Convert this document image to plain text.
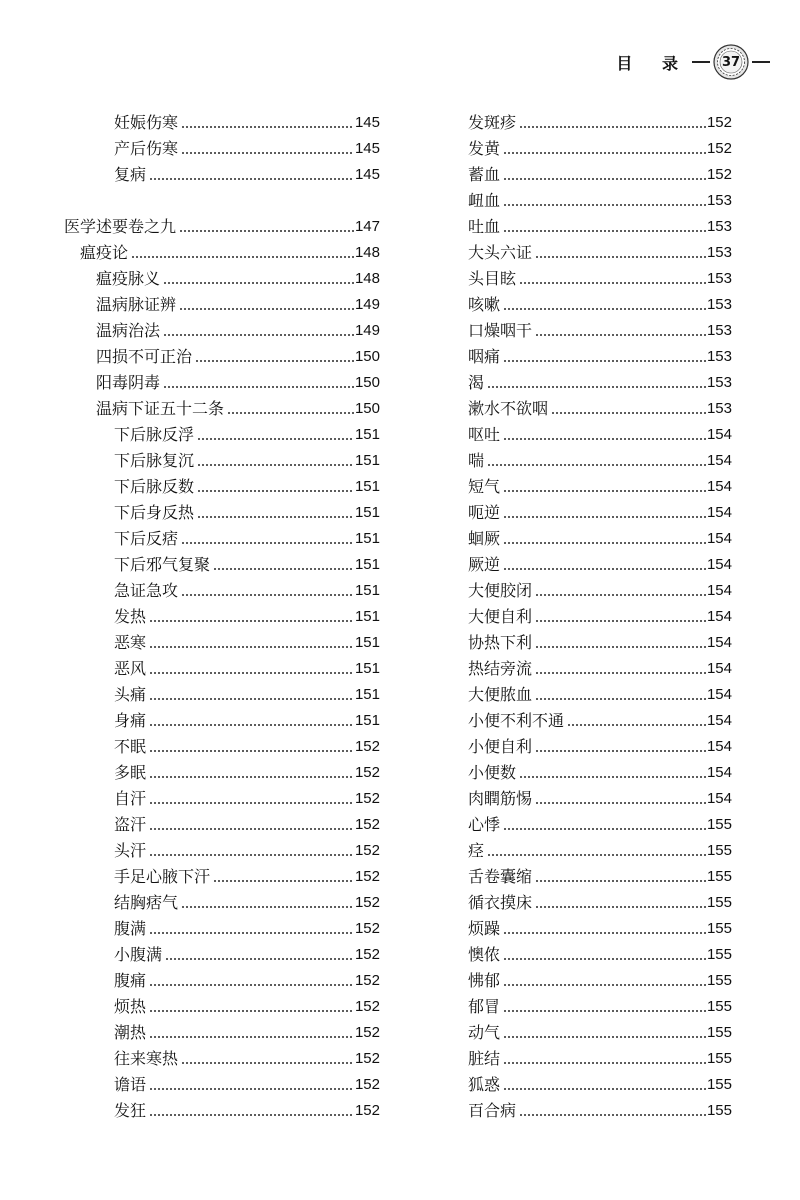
目 录 37
妊娠伤寒	145
产后伤寒	145
复病	145
医学述要卷之九	147
瘟疫论	148
瘟疫脉义	148
温病脉证辨	149
温病治法	149
四损不可正治	150
阳毒阴毒	150
温病下证五十二条	150
下后脉反浮	151
下后脉复沉	151
下后脉反数	151
下后身反热	151
下后反痞	151
下后邪气复聚	151
急证急攻	151
发热	151
恶寒	151
恶风	151
头痛	151
身痛	151
不眠	152
多眠	152
自汗	152
盗汗	152
头汗	152
手足心腋下汗	152
结胸痞气	152
腹满	152
小腹满	152
腹痛	152
烦热	152
潮热	152
往来寒热	152
谵语	152
发狂	152
发斑疹	152
发黄	152
蓄血	152
衄血	153
吐血	153
大头六证	153
头目眩	153
咳嗽	153
口燥咽干	153
咽痛	153
渴	153
漱水不欲咽	153
呕吐	154
喘	154
短气	154
呃逆	154
蛔厥	154
厥逆	154
大便胶闭	154
大便自利	154
协热下利	154
热结旁流	154
大便脓血	154
小便不利不通	154
小便自利	154
小便数	154
肉瞤筋惕	154
心悸	155
痉	155
舌卷囊缩	155
循衣摸床	155
烦躁	155
懊侬	155
怫郁	155
郁冒	155
动气	155
脏结	155
狐惑	155
百合病	155
